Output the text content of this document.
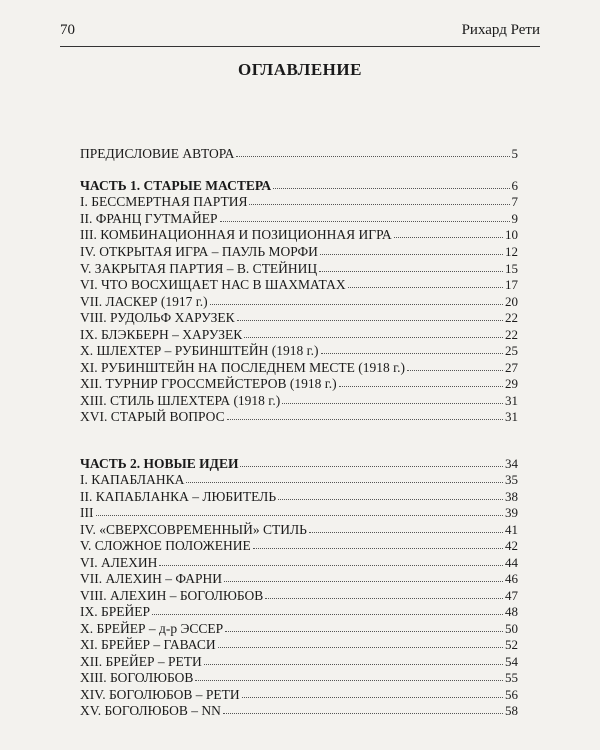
70	Рихард Рети
ОГЛАВЛЕНИЕ
ПРЕДИСЛОВИЕ АВТОРА	5
ЧАСТЬ 1. СТАРЫЕ МАСТЕРА	6
I. БЕССМЕРТНАЯ ПАРТИЯ	7
II. ФРАНЦ ГУТМАЙЕР	9
III. КОМБИНАЦИОННАЯ И ПОЗИЦИОННАЯ ИГРА	10
IV. ОТКРЫТАЯ ИГРА – ПАУЛЬ МОРФИ	12
V. ЗАКРЫТАЯ ПАРТИЯ – В. СТЕЙНИЦ	15
VI. ЧТО ВОСХИЩАЕТ НАС В ШАХМАТАХ	17
VII. ЛАСКЕР (1917 г.)	20
VIII. РУДОЛЬФ ХАРУЗЕК	22
IX. БЛЭКБЕРН – ХАРУЗЕК	22
X. ШЛЕХТЕР – РУБИНШТЕЙН (1918 г.)	25
XI. РУБИНШТЕЙН НА ПОСЛЕДНЕМ МЕСТЕ (1918 г.)	27
XII. ТУРНИР ГРОССМЕЙСТЕРОВ (1918 г.)	29
XIII. СТИЛЬ ШЛЕХТЕРА (1918 г.)	31
XVI. СТАРЫЙ ВОПРОС	31
ЧАСТЬ 2. НОВЫЕ ИДЕИ	34
I. КАПАБЛАНКА	35
II. КАПАБЛАНКА – ЛЮБИТЕЛЬ	38
III	39
IV. «СВЕРХСОВРЕМЕННЫЙ» СТИЛЬ	41
V. СЛОЖНОЕ ПОЛОЖЕНИЕ	42
VI. АЛЕХИН	44
VII. АЛЕХИН – ФАРНИ	46
VIII. АЛЕХИН – БОГОЛЮБОВ	47
IX. БРЕЙЕР	48
X. БРЕЙЕР – д-р ЭССЕР	50
XI. БРЕЙЕР – ГАВАСИ	52
XII. БРЕЙЕР – РЕТИ	54
XIII. БОГОЛЮБОВ	55
XIV. БОГОЛЮБОВ – РЕТИ	56
XV. БОГОЛЮБОВ – NN	58
